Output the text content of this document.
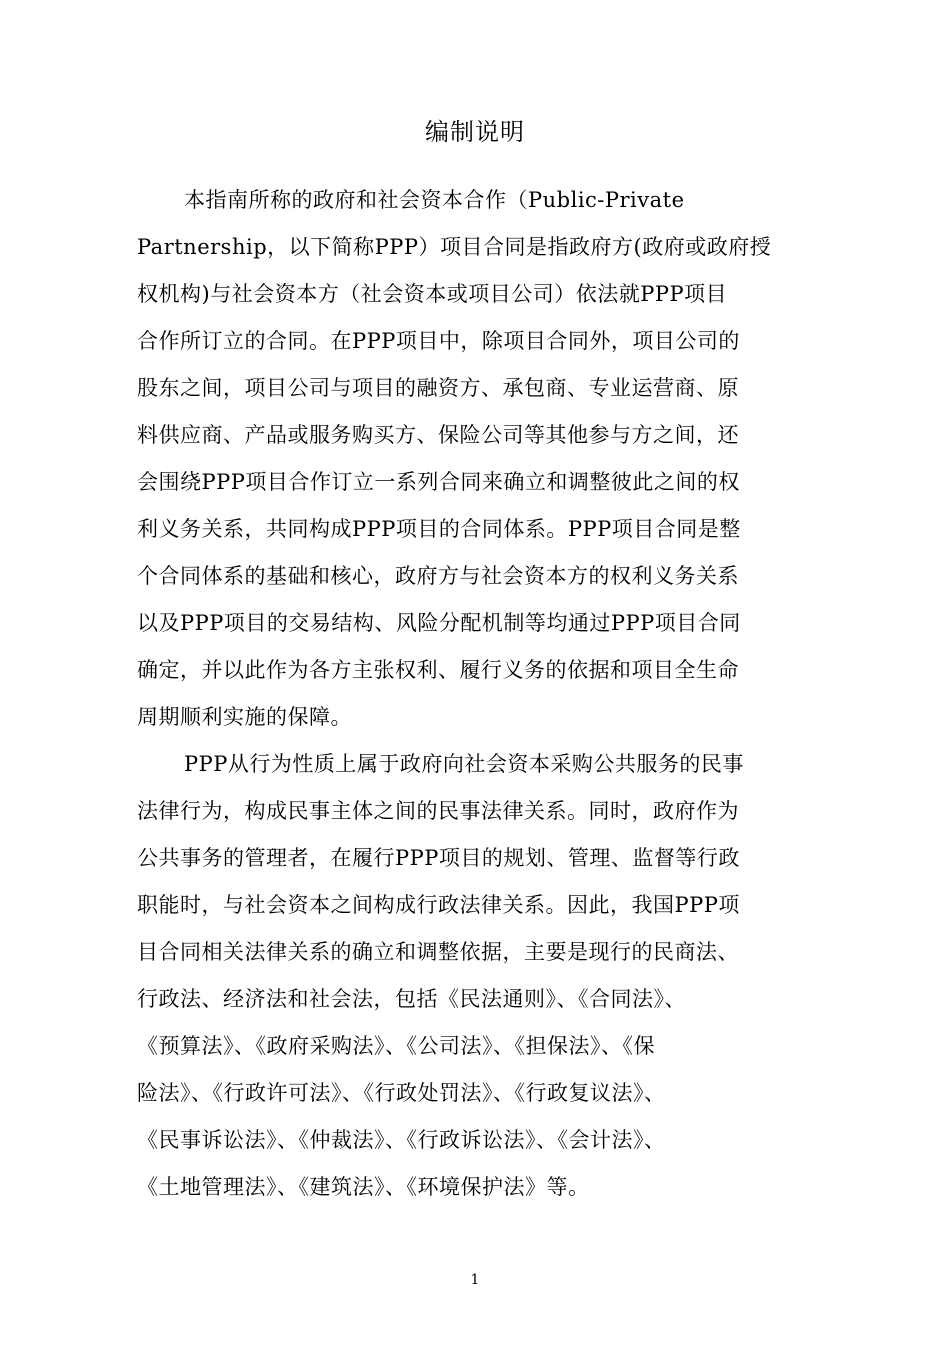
编制说明
本指南所称的政府和社会资本合作（Public-Private
Partnership，以下简称PPP）项目合同是指政府方(政府或政府授
权机构)与社会资本方（社会资本或项目公司）依法就PPP项目
合作所订立的合同。在PPP项目中，除项目合同外，项目公司的
股东之间，项目公司与项目的融资方、承包商、专业运营商、原
料供应商、产品或服务购买方、保险公司等其他参与方之间，还
会围绕PPP项目合作订立一系列合同来确立和调整彼此之间的权
利义务关系，共同构成PPP项目的合同体系。PPP项目合同是整
个合同体系的基础和核心，政府方与社会资本方的权利义务关系
以及PPP项目的交易结构、风险分配机制等均通过PPP项目合同
确定，并以此作为各方主张权利、履行义务的依据和项目全生命
周期顺利实施的保障。
PPP从行为性质上属于政府向社会资本采购公共服务的民事
法律行为，构成民事主体之间的民事法律关系。同时，政府作为
公共事务的管理者，在履行PPP项目的规划、管理、监督等行政
职能时，与社会资本之间构成行政法律关系。因此，我国PPP项
目合同相关法律关系的确立和调整依据，主要是现行的民商法、
行政法、经济法和社会法，包括《民法通则》、《合同法》、
《预算法》、《政府采购法》、《公司法》、《担保法》、《保
险法》、《行政许可法》、《行政处罚法》、《行政复议法》、
《民事诉讼法》、《仲裁法》、《行政诉讼法》、《会计法》、
《土地管理法》、《建筑法》、《环境保护法》等。
1
